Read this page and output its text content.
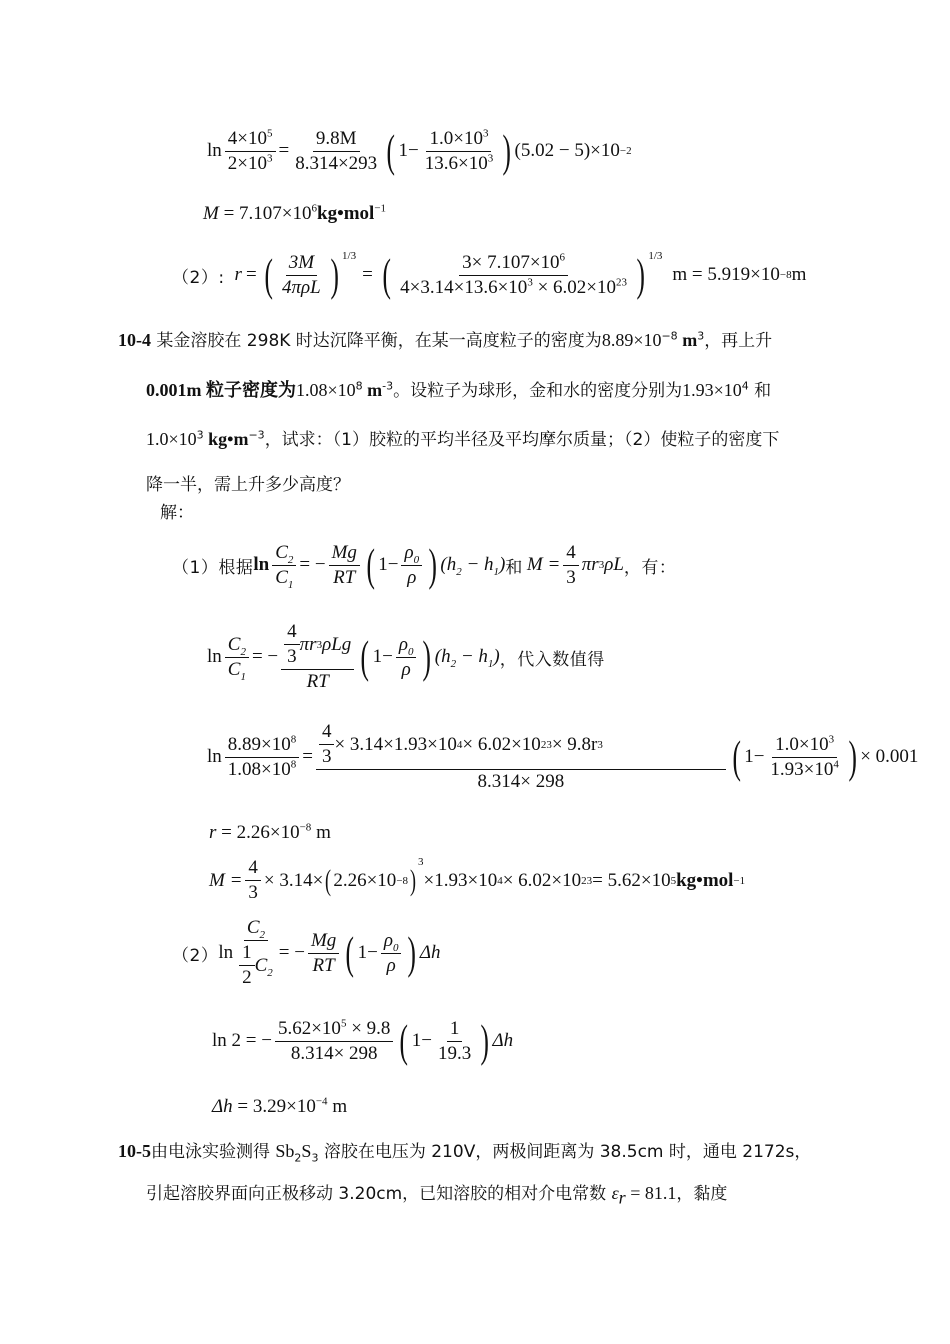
$\ln \frac{4\times 10^5}{2\times 10^3} = \frac{9.8M}{8.314\times 293}$ ( $1- \frac{1.0\times 10^3}{13.6\times 10^3}$ ) (5.02 − 5)×10 −2
$M = 7.107\times 10^6kg•mol^{-1}$
（2）: r = ( $\frac{3M}{\text{4πρL}}$ ) 1/3
= ( $\frac{3\times 7.107\times 10^6}{4\times 3.14\times 13.6\times 10^3 \times 6.02\times 10^{23}}$ ) 1/3
m = 5.919×10 −8 m
10-4 某金溶胶在 298K 时达沉降平衡，在某一高度粒子的密度为$8.89\times 10^{-8}$ $m^3$，再上升
0.001m 粒子密度为$1.08\times 10^8$ $m^{-3}$。设粒子为球形，金和水的密度分别为$1.93\times 10^4$ 和
$1.0\times 10^3$ $kg•m^{-3}$，试求：（1）胶粒的平均半径及平均摩尔质量；（2）使粒子的密度下
降一半，需上升多少高度？
解：
（1）根据 $\ln \frac{C_2}{C_1}$ = − $\frac{Mg}{RT}$ ( $1- \frac{\rho_0}{\rho}$ ) $(h_2 - h_1)$ 和 $M = \frac{4}{3}$ πr 3 ρL ，有：
$\ln \frac{C_2}{C_1}$ = − $\frac{\frac{4}{3} \pi r 3 \rho Lg}{RT}$ ( $1- \frac{\rho_0}{\rho}$ ) $(h_2 - h_1)$ ，代入数值得
$\ln \frac{8.89\times 10^8}{1.08\times 10^8} = \frac{\frac{4}{3} \times 3.14\times 1.93\times 10 4 \times 6.02\times 10 23 \times 9.8r 3}{8.314\times 298}$ ( $1- \frac{1.0\times 10^3}{1.93\times 10^4}$ ) × 0.001
$r = 2.26\times 10^{-8}$ m
$M = \frac{4}{3} \times 3.14\times$ ( 2.26×10 −8 )
3
×1.93×10 4 × 6.02×10 23 = 5.62×10 5 kg•mol −1
（2） $\ln \frac{C_2}{\frac{1}{2} C_2}$ = − $\frac{Mg}{RT}$ ( $1- \frac{\rho_0}{\rho}$ ) Δh
ln 2 = − $\frac{5.62\times 10^5 \times 9.8}{8.314\times 298}$ ( $1- \frac{1}{19.3}$ ) Δh
$\Delta h = 3.29\times 10^{-4}$ m
10-5由电泳实验测得 $Sb_2S_3$ 溶胶在电压为 210V，两极间距离为 38.5cm 时，通电 2172s，
引起溶胶界面向正极移动 3.20cm，已知溶胶的相对介电常数 $\varepsilon_r = 81.1$，黏度
